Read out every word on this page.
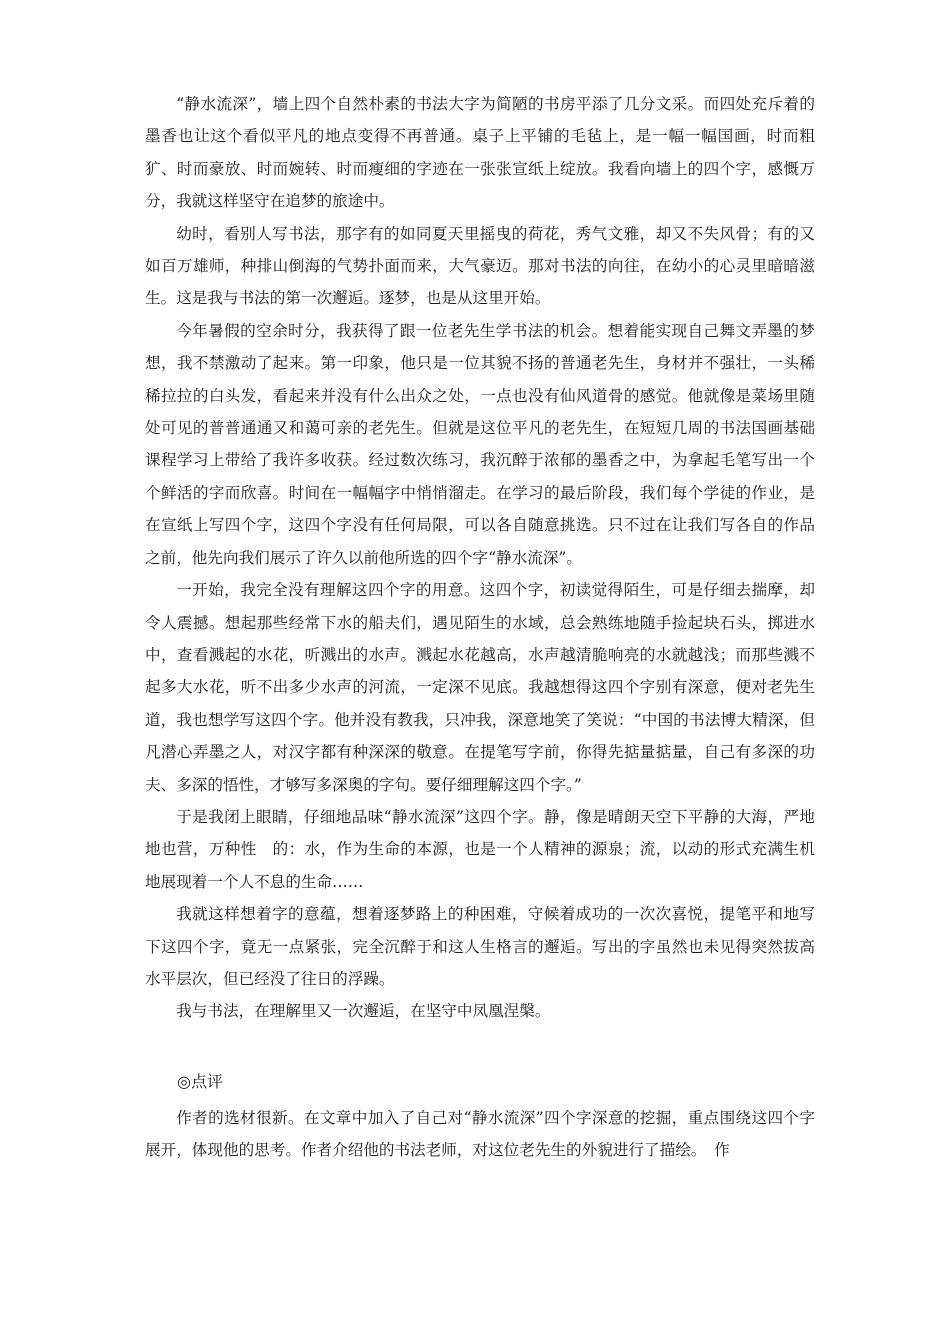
“静水流深”，墙上四个自然朴素的书法大字为简陋的书房平添了几分文采。而四处充斥着的墨香也让这个看似平凡的地点变得不再普通。桌子上平铺的毛毡上，是一幅一幅国画，时而粗犷、时而豪放、时而婉转、时而瘦细的字迹在一张张宣纸上绽放。我看向墙上的四个字，感慨万分，我就这样坚守在追梦的旅途中。

幼时，看别人写书法，那字有的如同夏天里摇曳的荷花，秀气文雅，却又不失风骨；有的又如百万雄师，种排山倒海的气势扑面而来，大气豪迈。那对书法的向往，在幼小的心灵里暗暗滋生。这是我与书法的第一次邂逅。逐梦，也是从这里开始。

今年暑假的空余时分，我获得了跟一位老先生学书法的机会。想着能实现自己舞文弄墨的梦想，我不禁激动了起来。第一印象，他只是一位其貌不扬的普通老先生，身材并不强壮，一头稀稀拉拉的白头发，看起来并没有什么出众之处，一点也没有仙风道骨的感觉。他就像是菜场里随处可见的普普通通又和蔼可亲的老先生。但就是这位平凡的老先生，在短短几周的书法国画基础课程学习上带给了我许多收获。经过数次练习，我沉醉于浓郁的墨香之中，为拿起毛笔写出一个个鲜活的字而欣喜。时间在一幅幅字中悄悄溜走。在学习的最后阶段，我们每个学徒的作业，是在宣纸上写四个字，这四个字没有任何局限，可以各自随意挑选。只不过在让我们写各自的作品之前，他先向我们展示了许久以前他所选的四个字“静水流深”。

一开始，我完全没有理解这四个字的用意。这四个字，初读觉得陌生，可是仔细去揣摩，却令人震撼。想起那些经常下水的船夫们，遇见陌生的水域，总会熟练地随手捡起块石头，掷进水中，查看溅起的水花，听溅出的水声。溅起水花越高，水声越清脆响亮的水就越浅；而那些溅不起多大水花，听不出多少水声的河流，一定深不见底。我越想得这四个字别有深意，便对老先生道，我也想学写这四个字。他并没有教我，只冲我，深意地笑了笑说：“中国的书法博大精深，但凡潜心弄墨之人，对汉字都有种深深的敬意。在提笔写字前，你得先掂量掂量，自己有多深的功夫、多深的悟性，才够写多深奥的字句。要仔细理解这四个字。”

于是我闭上眼睛，仔细地品味“静水流深”这四个字。静，像是晴朗天空下平静的大海，严地地也营，万种性　的：水，作为生命的本源，也是一个人精神的源泉；流，以动的形式充满生机地展现着一个人不息的生命……

我就这样想着字的意蕴，想着逐梦路上的种困难，守候着成功的一次次喜悦，提笔平和地写下这四个字，竟无一点紧张，完全沉醉于和这人生格言的邂逅。写出的字虽然也未见得突然拔高水平层次，但已经没了往日的浮躁。

我与书法，在理解里又一次邂逅，在坚守中凤凰涅槃。

◎点评

作者的选材很新。在文章中加入了自己对“静水流深”四个字深意的挖掘，重点围绕这四个字展开，体现他的思考。作者介绍他的书法老师，对这位老先生的外貌进行了描绘。　作
